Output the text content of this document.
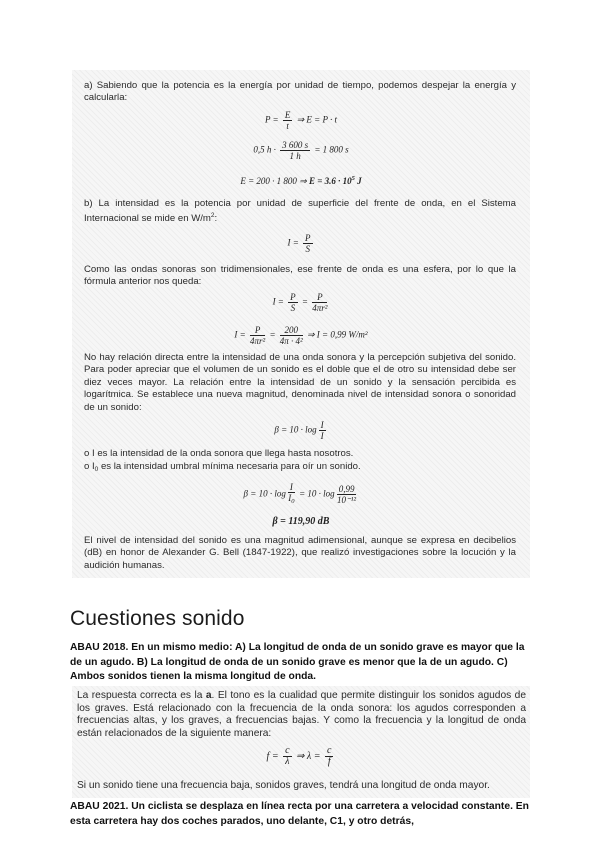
a) Sabiendo que la potencia es la energía por unidad de tiempo, podemos despejar la energía y calcularla:
$P = \frac{E}{t}$ ⇒ E = P · t
0,5 $h \cdot \frac{3 600 s}{1 h} = 1$ 800 s
E = 200 · 1 800 ⇒ $E = 3.6 \cdot 10^5$ J
b) La intensidad es la potencia por unidad de superficie del frente de onda, en el Sistema Internacional se mide en $W/m^2$:
$I = \frac{P}{S}$
Como las ondas sonoras son tridimensionales, ese frente de onda es una esfera, por lo que la fórmula anterior nos queda:
$I = \frac{P}{S} = \frac{P}{\text{4πr²}}$
$I = \frac{P}{\text{4πr²}} = \frac{200}{\text{4π · 4²}}$ ⇒ I = 0,99 W/m²
No hay relación directa entre la intensidad de una onda sonora y la percepción subjetiva del sonido. Para poder apreciar que el volumen de un sonido es el doble que el de otro su intensidad debe ser diez veces mayor. La relación entre la intensidad de un sonido y la sensación percibida es logarítmica. Se establece una nueva magnitud, denominada nivel de intensidad sonora o sonoridad de un sonido:
$\beta = 10 \cdot \log \frac{I}{I}$
o I es la intensidad de la onda sonora que llega hasta nosotros.
o $I_0$ es la intensidad umbral mínima necesaria para oír un sonido.
$\beta = 10 \cdot \log \frac{I}{I_0} = 10 \cdot \log \frac{0,99}{\text{10⁻¹²}}$
β = 119,90 dB
El nivel de intensidad del sonido es una magnitud adimensional, aunque se expresa en decibelios (dB) en honor de Alexander G. Bell (1847-1922), que realizó investigaciones sobre la locución y la audición humanas.
Cuestiones sonido
ABAU 2018. En un mismo medio: A) La longitud de onda de un sonido grave es mayor que la de un agudo. B) La longitud de onda de un sonido grave es menor que la de un agudo. C) Ambos sonidos tienen la misma longitud de onda.
La respuesta correcta es la a. El tono es la cualidad que permite distinguir los sonidos agudos de los graves. Está relacionado con la frecuencia de la onda sonora: los agudos corresponden a frecuencias altas, y los graves, a frecuencias bajas. Y como la frecuencia y la longitud de onda están relacionados de la siguiente manera:
$f = \frac{c}{\lambda}$ ⇒ $\lambda = \frac{c}{f}$
Si un sonido tiene una frecuencia baja, sonidos graves, tendrá una longitud de onda mayor.
ABAU 2021. Un ciclista se desplaza en línea recta por una carretera a velocidad constante. En esta carretera hay dos coches parados, uno delante, C1, y otro detrás,
